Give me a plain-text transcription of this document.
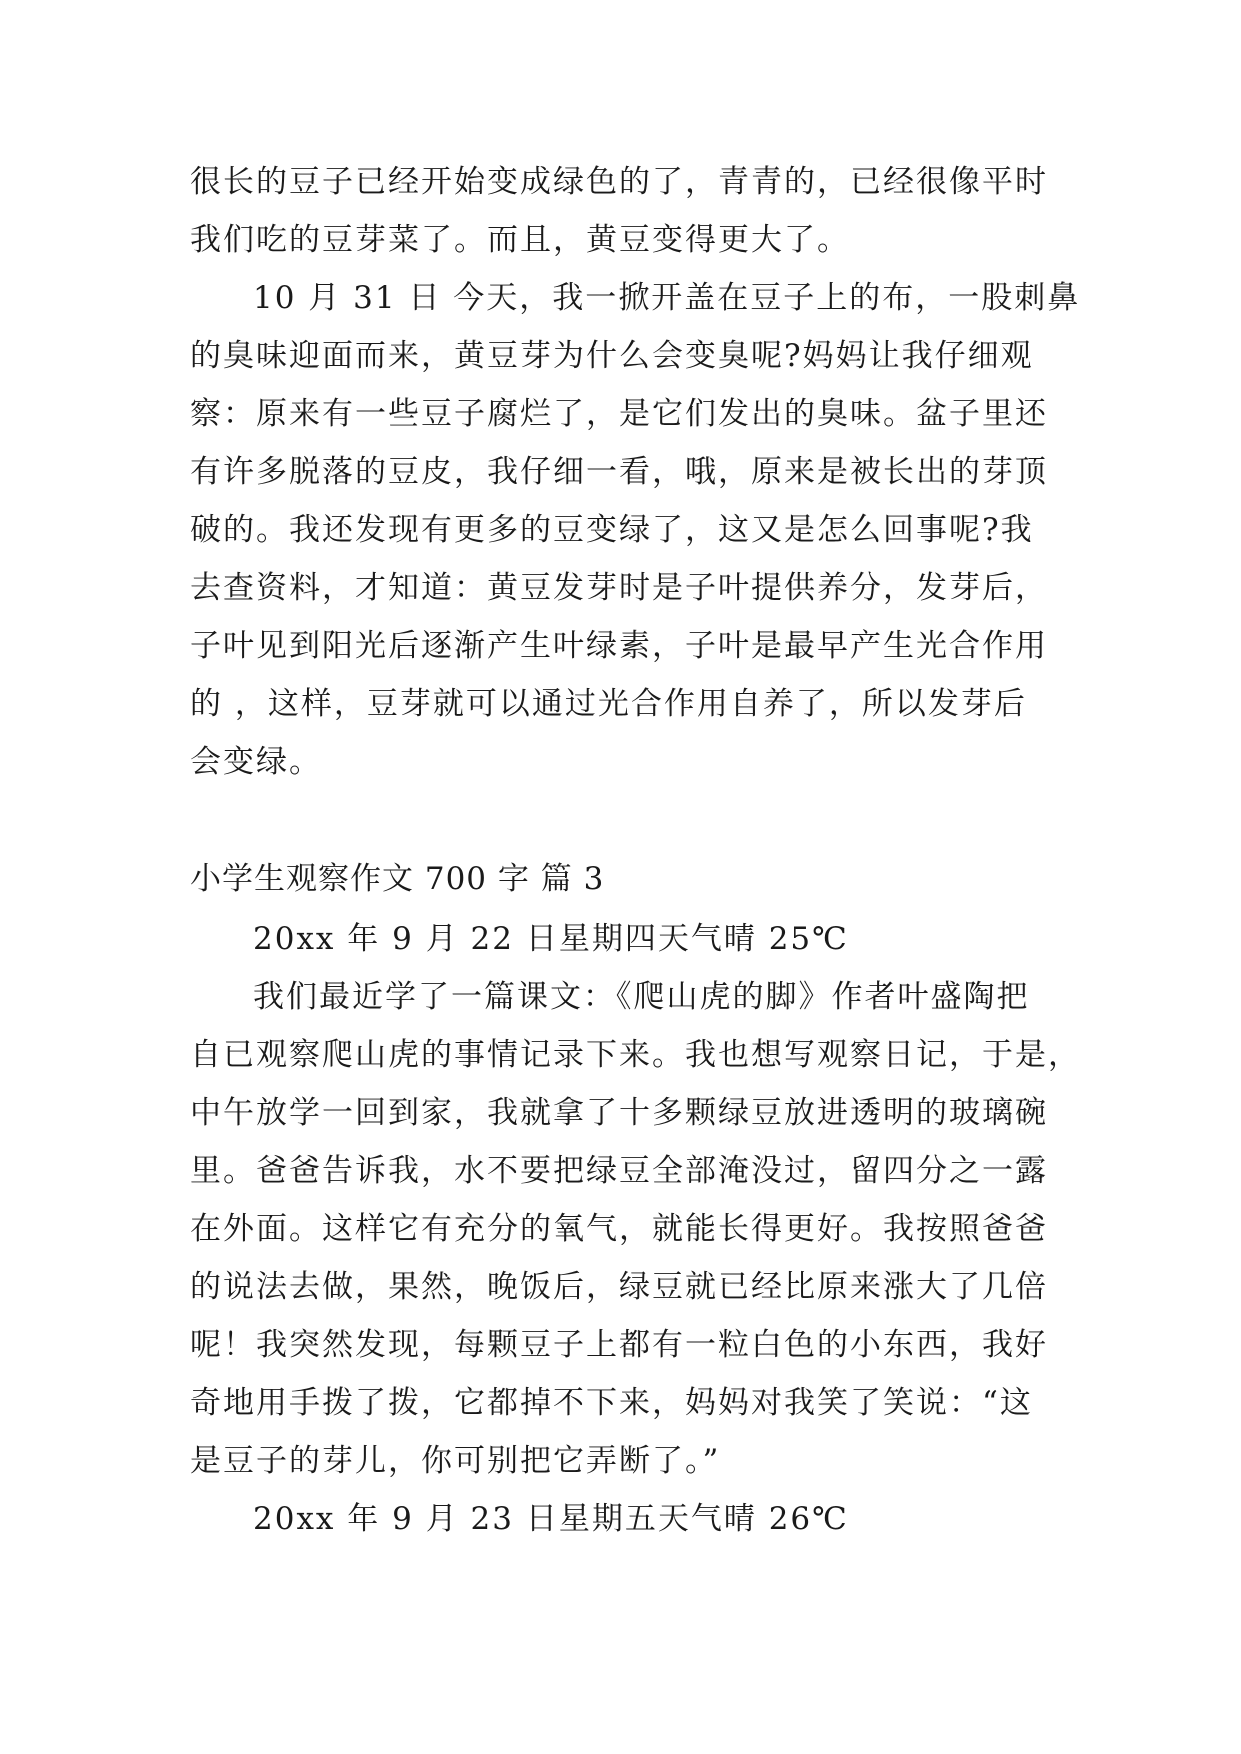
很长的豆子已经开始变成绿色的了，青青的，已经很像平时
我们吃的豆芽菜了。而且，黄豆变得更大了。
10 月 31 日 今天，我一掀开盖在豆子上的布，一股刺鼻
的臭味迎面而来，黄豆芽为什么会变臭呢?妈妈让我仔细观
察：原来有一些豆子腐烂了，是它们发出的臭味。盆子里还
有许多脱落的豆皮，我仔细一看，哦，原来是被长出的芽顶
破的。我还发现有更多的豆变绿了，这又是怎么回事呢?我
去查资料，才知道：黄豆发芽时是子叶提供养分，发芽后，
子叶见到阳光后逐渐产生叶绿素，子叶是最早产生光合作用
的 ，这样，豆芽就可以通过光合作用自养了，所以发芽后
会变绿。
小学生观察作文 700 字 篇 3
20xx 年 9 月 22 日星期四天气晴 25℃
我们最近学了一篇课文：《爬山虎的脚》作者叶盛陶把
自已观察爬山虎的事情记录下来。我也想写观察日记，于是，
中午放学一回到家，我就拿了十多颗绿豆放进透明的玻璃碗
里。爸爸告诉我，水不要把绿豆全部淹没过，留四分之一露
在外面。这样它有充分的氧气，就能长得更好。我按照爸爸
的说法去做，果然，晚饭后，绿豆就已经比原来涨大了几倍
呢！我突然发现，每颗豆子上都有一粒白色的小东西，我好
奇地用手拨了拨，它都掉不下来，妈妈对我笑了笑说：“这
是豆子的芽儿，你可别把它弄断了。”
20xx 年 9 月 23 日星期五天气晴 26℃
